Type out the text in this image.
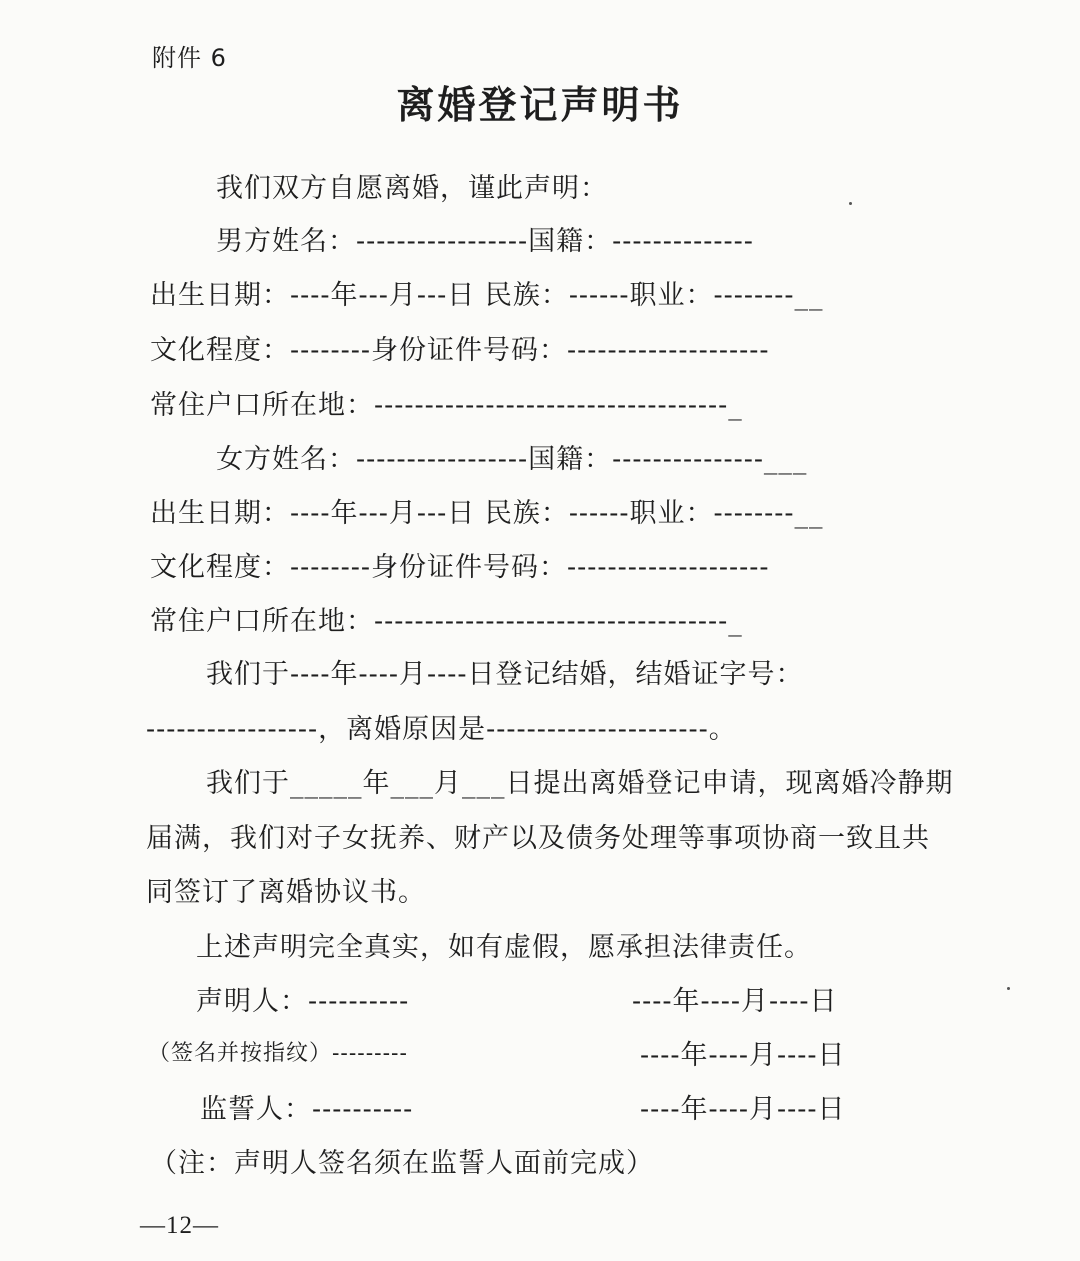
附件 6
离婚登记声明书
我们双方自愿离婚，谨此声明：
男方姓名：-----------------国籍：--------------
出生日期：----年---月---日 民族：------职业：--------__
文化程度：--------身份证件号码：--------------------
常住户口所在地：-----------------------------------_
女方姓名：-----------------国籍：---------------___
出生日期：----年---月---日 民族：------职业：--------__
文化程度：--------身份证件号码：--------------------
常住户口所在地：-----------------------------------_
我们于----年----月----日登记结婚，结婚证字号：
-----------------，离婚原因是----------------------。
我们于_____年___月___日提出离婚登记申请，现离婚冷静期
届满，我们对子女抚养、财产以及债务处理等事项协商一致且共
同签订了离婚协议书。
上述声明完全真实，如有虚假，愿承担法律责任。
声明人：----------	----年----月----日
（签名并按指纹）---------	----年----月----日
监誓人：----------	----年----月----日
（注：声明人签名须在监誓人面前完成）
—12—
